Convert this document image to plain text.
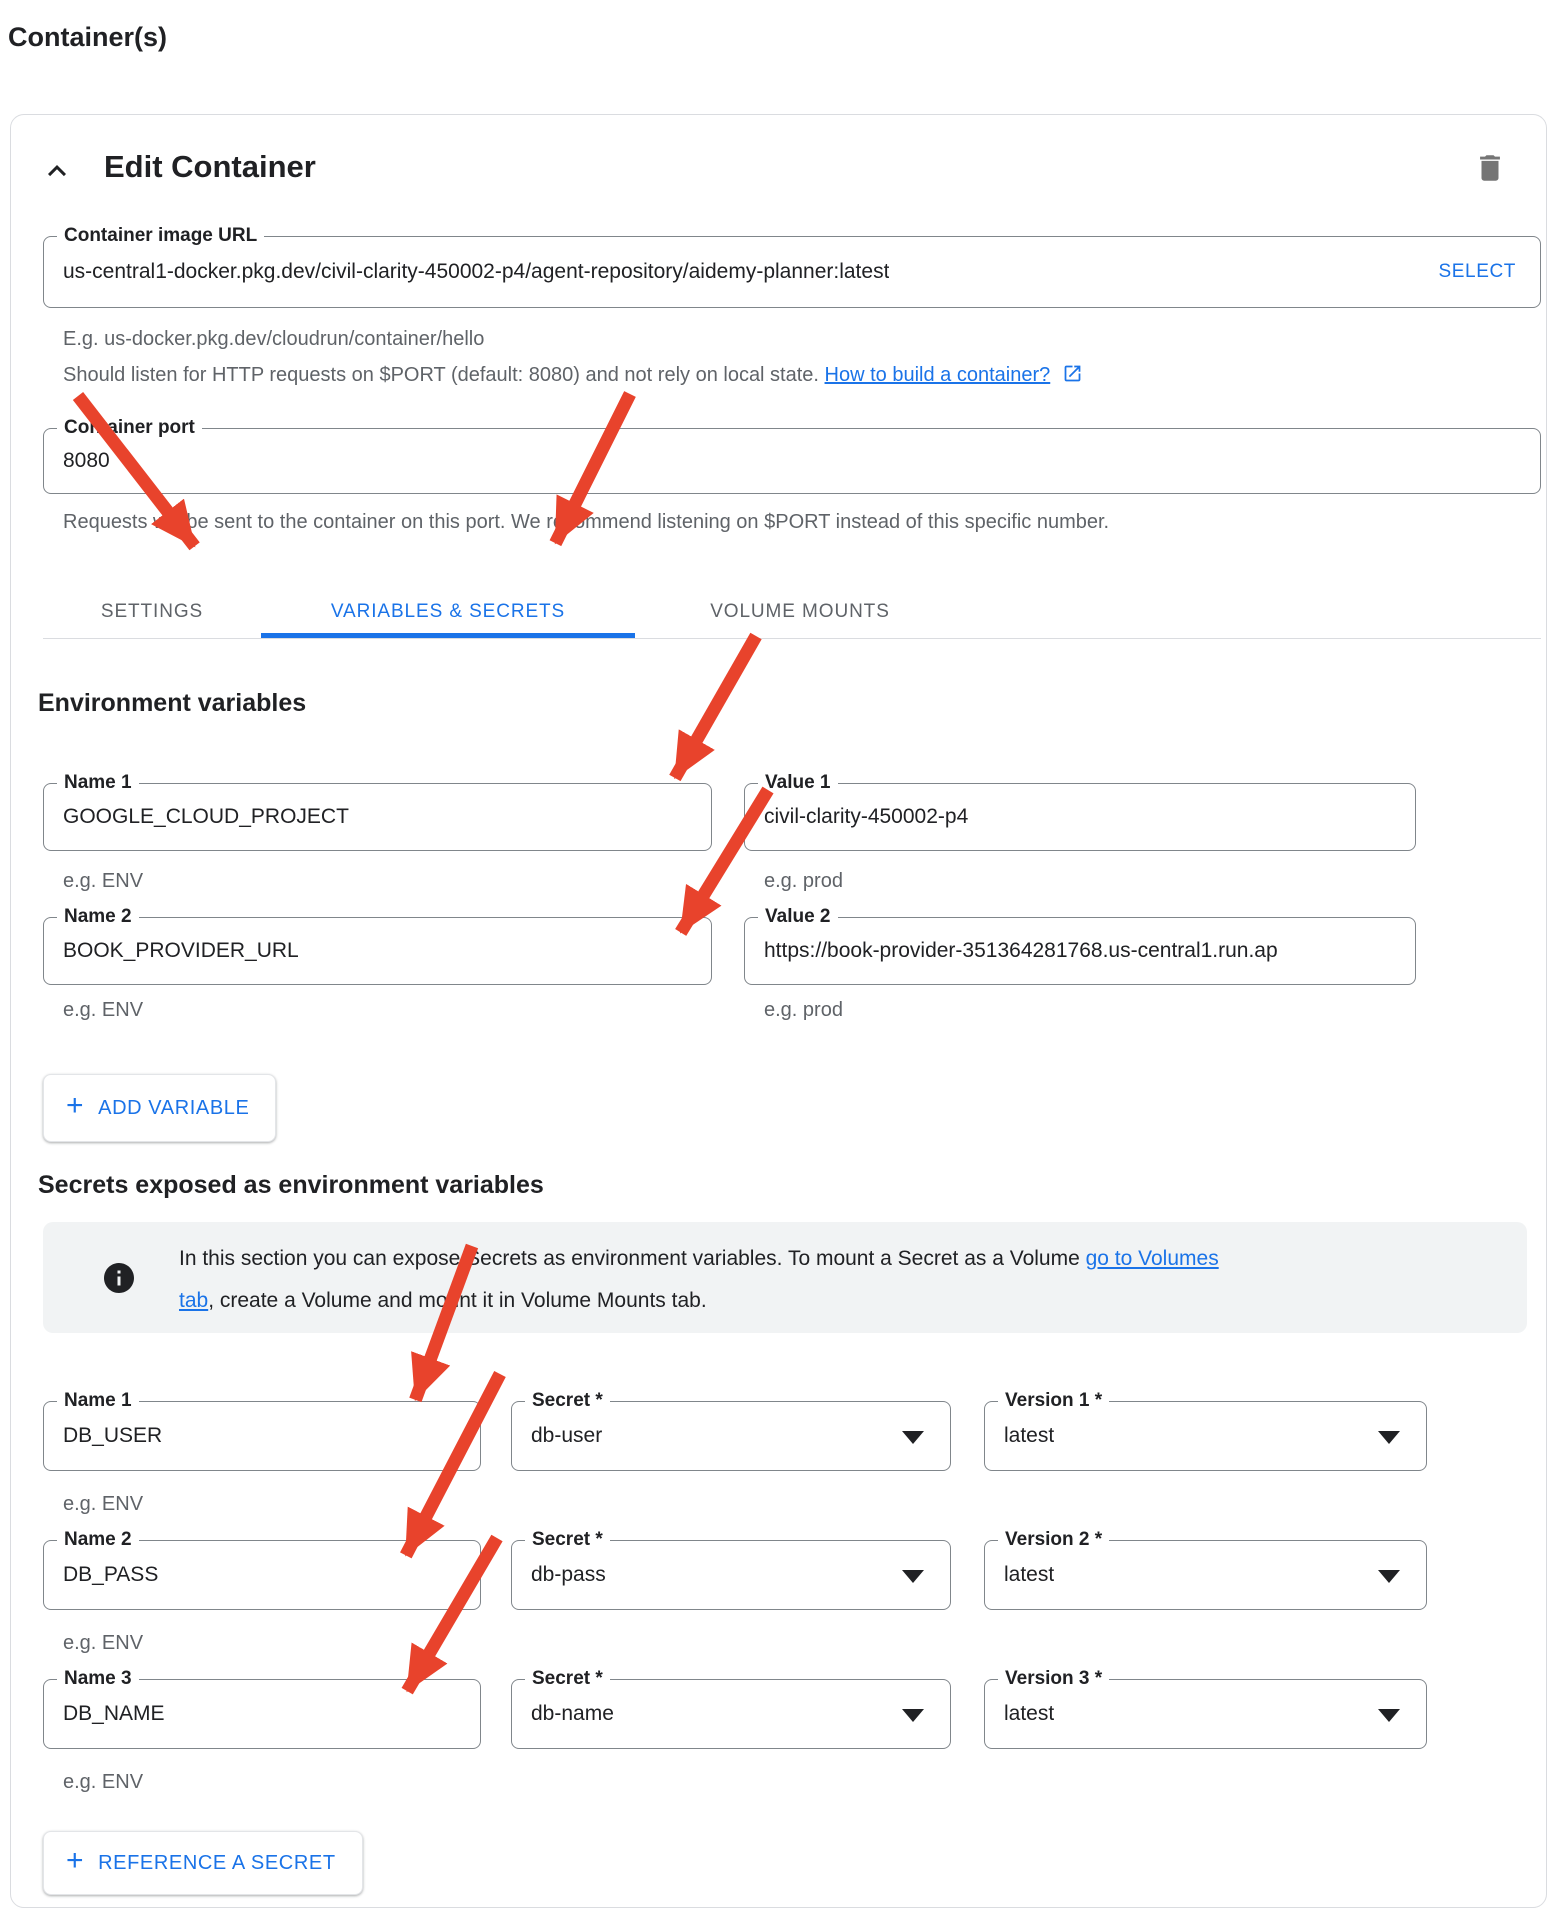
Container(s)
Edit Container
Container image URL
us-central1-docker.pkg.dev/civil-clarity-450002-p4/agent-repository/aidemy-planner:latest	SELECT
E.g. us-docker.pkg.dev/cloudrun/container/hello
Should listen for HTTP requests on $PORT (default: 8080) and not rely on local state. How to build a container?
Container port
8080
Requests will be sent to the container on this port. We recommend listening on $PORT instead of this specific number.
SETTINGS	VARIABLES & SECRETS	VOLUME MOUNTS
Environment variables
Name 1
GOOGLE_CLOUD_PROJECT
Value 1
civil-clarity-450002-p4
e.g. ENV	e.g. prod
Name 2
BOOK_PROVIDER_URL
Value 2
https://book-provider-351364281768.us-central1.run.ap
e.g. ENV	e.g. prod
+ ADD VARIABLE
Secrets exposed as environment variables
In this section you can expose Secrets as environment variables. To mount a Secret as a Volume go to Volumes
tab, create a Volume and mount it in Volume Mounts tab.
Name 1
DB_USER
Secret *
db-user
Version 1 *
latest
e.g. ENV
Name 2
DB_PASS
Secret *
db-pass
Version 2 *
latest
e.g. ENV
Name 3
DB_NAME
Secret *
db-name
Version 3 *
latest
e.g. ENV
+ REFERENCE A SECRET
